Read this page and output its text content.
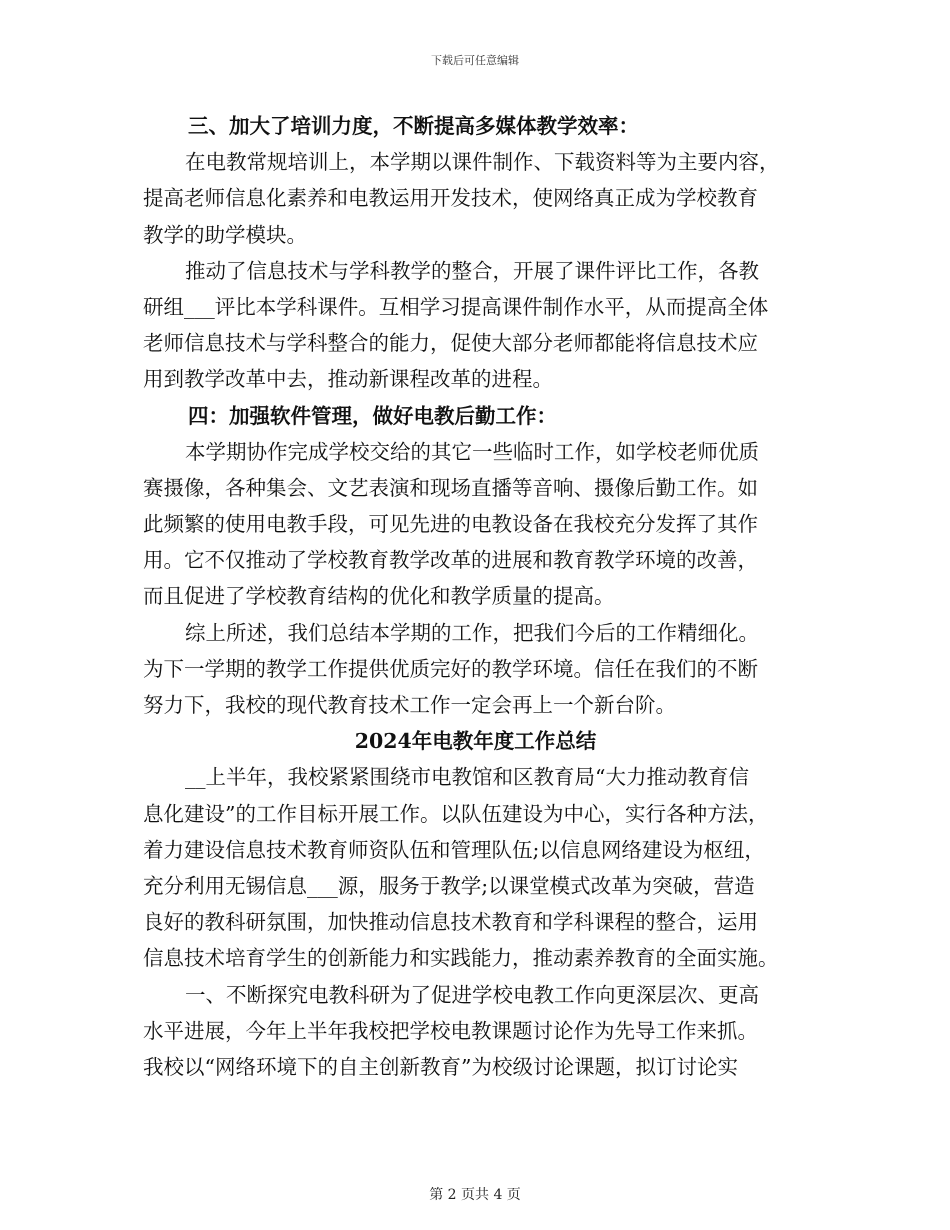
下载后可任意编辑
三、加大了培训力度，不断提高多媒体教学效率：
在电教常规培训上，本学期以课件制作、下载资料等为主要内容，
提高老师信息化素养和电教运用开发技术，使网络真正成为学校教育
教学的助学模块。
推动了信息技术与学科教学的整合，开展了课件评比工作，各教
研组___评比本学科课件。互相学习提高课件制作水平，从而提高全体
老师信息技术与学科整合的能力，促使大部分老师都能将信息技术应
用到教学改革中去，推动新课程改革的进程。
四：加强软件管理，做好电教后勤工作：
本学期协作完成学校交给的其它一些临时工作，如学校老师优质
赛摄像，各种集会、文艺表演和现场直播等音响、摄像后勤工作。如
此频繁的使用电教手段，可见先进的电教设备在我校充分发挥了其作
用。它不仅推动了学校教育教学改革的进展和教育教学环境的改善，
而且促进了学校教育结构的优化和教学质量的提高。
综上所述，我们总结本学期的工作，把我们今后的工作精细化。
为下一学期的教学工作提供优质完好的教学环境。信任在我们的不断
努力下，我校的现代教育技术工作一定会再上一个新台阶。
2024年电教年度工作总结
__上半年，我校紧紧围绕市电教馆和区教育局“大力推动教育信
息化建设”的工作目标开展工作。以队伍建设为中心，实行各种方法，
着力建设信息技术教育师资队伍和管理队伍;以信息网络建设为枢纽，
充分利用无锡信息___源，服务于教学;以课堂模式改革为突破，营造
良好的教科研氛围，加快推动信息技术教育和学科课程的整合，运用
信息技术培育学生的创新能力和实践能力，推动素养教育的全面实施。
一、不断探究电教科研为了促进学校电教工作向更深层次、更高
水平进展，今年上半年我校把学校电教课题讨论作为先导工作来抓。
我校以“网络环境下的自主创新教育”为校级讨论课题，拟订讨论实
第 2 页共 4 页
